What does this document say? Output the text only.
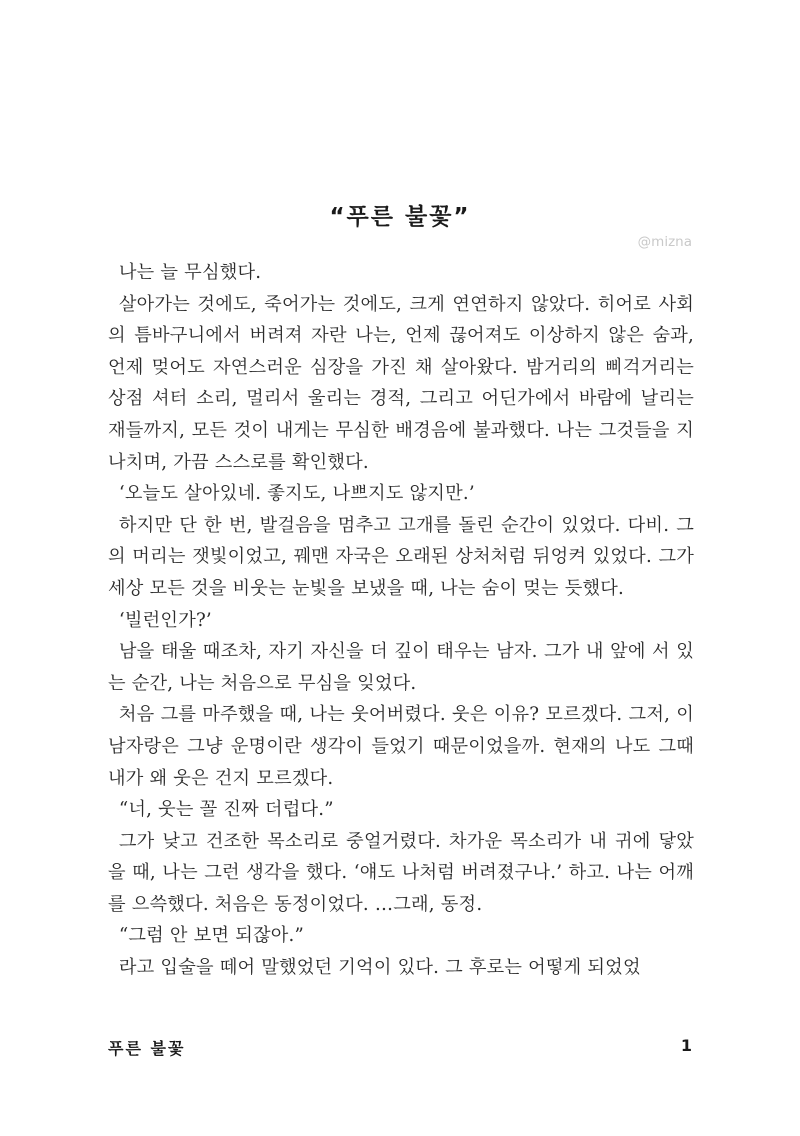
“푸른 불꽃”
@mizna

나는 늘 무심했다.

살아가는 것에도, 죽어가는 것에도, 크게 연연하지 않았다. 히어로 사회의 틈바구니에서 버려져 자란 나는, 언제 끊어져도 이상하지 않은 숨과, 언제 멎어도 자연스러운 심장을 가진 채 살아왔다. 밤거리의 삐걱거리는 상점 셔터 소리, 멀리서 울리는 경적, 그리고 어딘가에서 바람에 날리는 재들까지, 모든 것이 내게는 무심한 배경음에 불과했다. 나는 그것들을 지나치며, 가끔 스스로를 확인했다.

‘오늘도 살아있네. 좋지도, 나쁘지도 않지만.’

하지만 단 한 번, 발걸음을 멈추고 고개를 돌린 순간이 있었다. 다비. 그의 머리는 잿빛이었고, 꿰맨 자국은 오래된 상처처럼 뒤엉켜 있었다. 그가 세상 모든 것을 비웃는 눈빛을 보냈을 때, 나는 숨이 멎는 듯했다.

‘빌런인가?’

남을 태울 때조차, 자기 자신을 더 깊이 태우는 남자. 그가 내 앞에 서 있는 순간, 나는 처음으로 무심을 잊었다.

처음 그를 마주했을 때, 나는 웃어버렸다. 웃은 이유? 모르겠다. 그저, 이 남자랑은 그냥 운명이란 생각이 들었기 때문이었을까. 현재의 나도 그때 내가 왜 웃은 건지 모르겠다.

“너, 웃는 꼴 진짜 더럽다.”

그가 낮고 건조한 목소리로 중얼거렸다. 차가운 목소리가 내 귀에 닿았을 때, 나는 그런 생각을 했다. ‘얘도 나처럼 버려졌구나.’ 하고. 나는 어깨를 으쓱했다. 처음은 동정이었다. …그래, 동정.

“그럼 안 보면 되잖아.”

라고 입술을 떼어 말했었던 기억이 있다. 그 후로는 어떻게 되었었

푸른 불꽃	1
